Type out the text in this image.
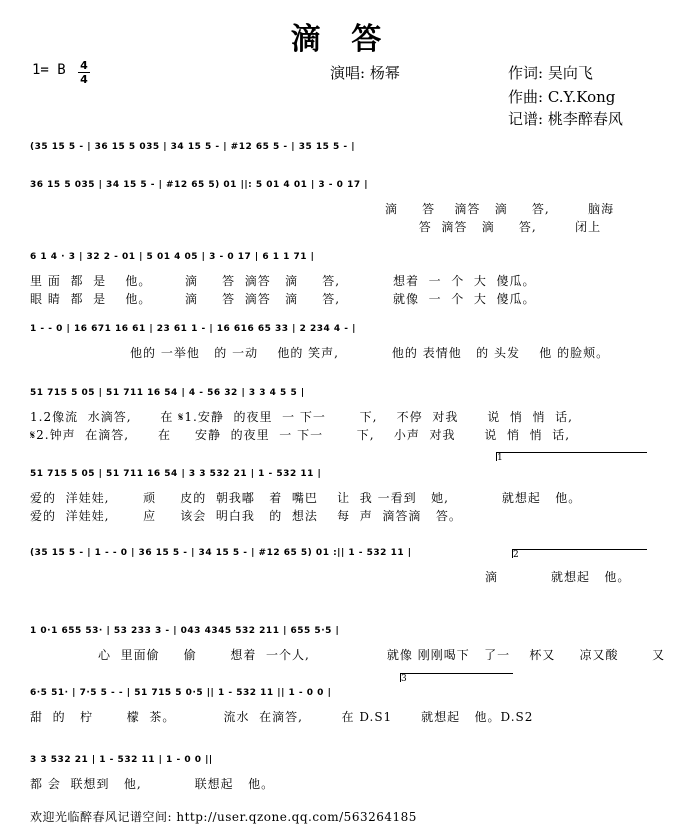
滴 答
演唱: 杨幂	作词: 吴向飞
作曲: C.Y.Kong
记谱: 桃李醉春风
1= B 4
4
(35 15 5 - | 36 15 5 035 | 34 15 5 - | #12 65 5 - | 35 15 5 - |
36 15 5 035 | 34 15 5 - | #12 65 5) 01 ||: 5 01 4 01 | 3 - 0 17 |
滴     答    滴答   滴     答,        脑海
答  滴答   滴     答,        闭上
6 1 4 · 3 | 32 2 - 01 | 5 01 4 05 | 3 - 0 17 | 6 1 1 71 |
里 面  都  是    他。       滴     答  滴答   滴     答,           想着  一  个  大  傻瓜。
眼 睛  都  是    他。       滴     答  滴答   滴     答,           就像  一  个  大  傻瓜。
1 - - 0 | 16 671 16 61 | 23 61 1 - | 16 616 65 33 | 2 234 4 - |
他的 一举他   的 一动    他的 笑声,           他的 表情他   的 头发    他 的脸颊。
51 715 5 05 | 51 711 16 54 | 4 - 56 32 | 3 3 4 5 5 |
1.2像流  水滴答,      在 𝄋1.安静  的夜里  一 下一       下,    不停  对我      说  悄  悄  话,
𝄋2.钟声  在滴答,      在     安静  的夜里  一 下一       下,    小声  对我      说  悄  悄  话,
51 715 5 05 | 51 711 16 54 | 3 3 532 21 | 1 - 532 11 |
爱的  洋娃娃,       顽     皮的  朝我嘟   着  嘴巴    让  我 一看到   她,           就想起   他。
爱的  洋娃娃,       应     该会  明白我   的  想法    每  声  滴答滴   答。
(35 15 5 - | 1 - - 0 | 36 15 5 - | 34 15 5 - | #12 65 5) 01 :|| 1 - 532 11 |
滴           就想起   他。
1 0·1 655 53· | 53 233 3 - | 043 4345 532 211 | 655 5·5 |
心  里面偷     偷       想着  一个人,                就像 刚刚喝下   了一    杯又     凉又酸       又
6·5 51· | 7·5 5 - - | 51 715 5 0·5 || 1 - 532 11 || 1 - 0 0 |
甜  的   柠       檬  茶。          流水  在滴答,        在 D.S1      就想起   他。D.S2
3 3 532 21 | 1 - 532 11 | 1 - 0 0 ||
都 会  联想到   他,           联想起   他。
1
2
3
欢迎光临醉春风记谱空间: http://user.qzone.qq.com/563264185
